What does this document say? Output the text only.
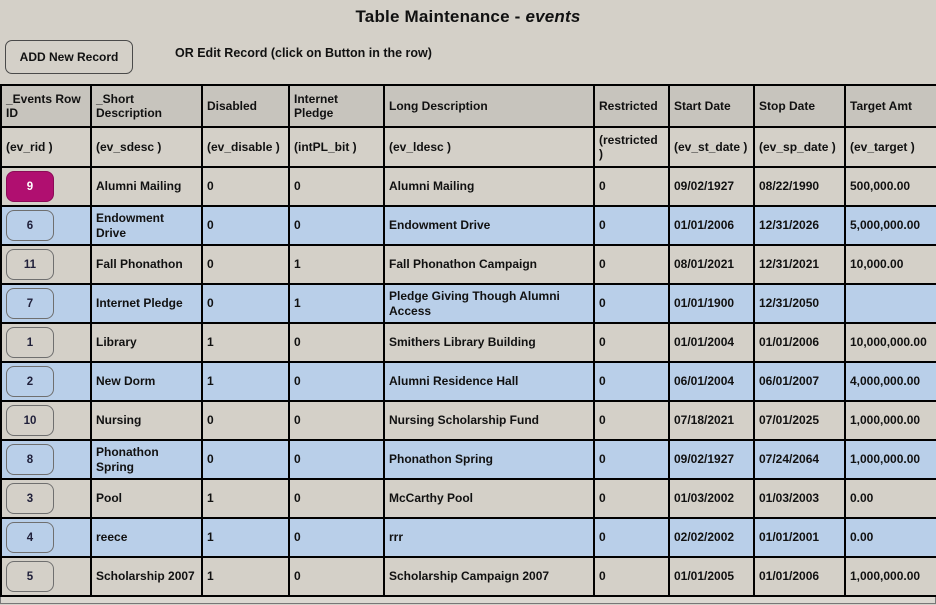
Table Maintenance - events
ADD New Record	OR Edit Record (click on Button in the row)
_Events Row ID	_Short Description	Disabled	Internet Pledge	Long Description	Restricted	Start Date	Stop Date	Target Amt
(ev_rid )	(ev_sdesc )	(ev_disable )	(intPL_bit )	(ev_ldesc )	(restricted )	(ev_st_date )	(ev_sp_date )	(ev_target )

9	Alumni Mailing	0	0	Alumni Mailing	0	09/02/1927	08/22/1990	500,000.00

6	Endowment Drive	0	0	Endowment Drive	0	01/01/2006	12/31/2026	5,000,000.00

11	Fall Phonathon	0	1	Fall Phonathon Campaign	0	08/01/2021	12/31/2021	10,000.00

7	Internet Pledge	0	1	Pledge Giving Though Alumni Access	0	01/01/1900	12/31/2050	

1	Library	1	0	Smithers Library Building	0	01/01/2004	01/01/2006	10,000,000.00

2	New Dorm	1	0	Alumni Residence Hall	0	06/01/2004	06/01/2007	4,000,000.00

10	Nursing	0	0	Nursing Scholarship Fund	0	07/18/2021	07/01/2025	1,000,000.00

8	Phonathon Spring	0	0	Phonathon Spring	0	09/02/1927	07/24/2064	1,000,000.00

3	Pool	1	0	McCarthy Pool	0	01/03/2002	01/03/2003	0.00

4	reece	1	0	rrr	0	02/02/2002	01/01/2001	0.00

5	Scholarship 2007	1	0	Scholarship Campaign 2007	0	01/01/2005	01/01/2006	1,000,000.00
